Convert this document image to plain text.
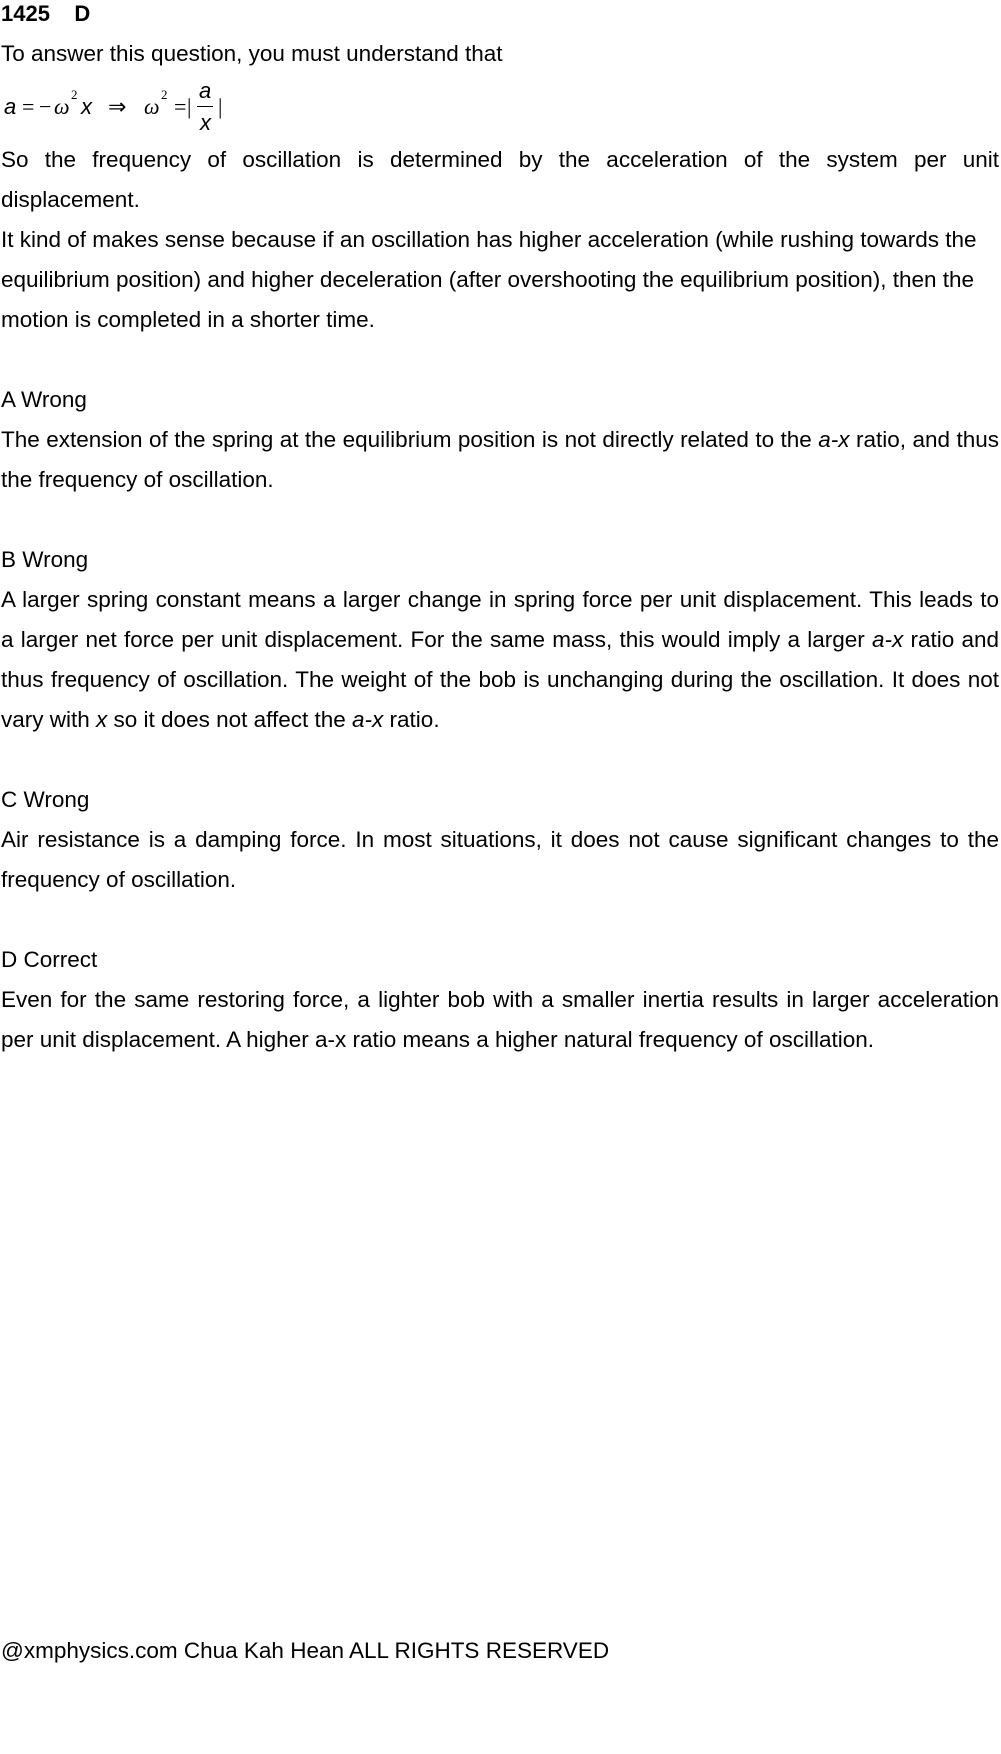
1425 D

To answer this question, you must understand that

a = − ω 2 x ⇒ ω 2 = |
a
x
|

So the frequency of oscillation is determined by the acceleration of the system per unit displacement.

It kind of makes sense because if an oscillation has higher acceleration (while rushing towards the

equilibrium position) and higher deceleration (after overshooting the equilibrium position), then the

motion is completed in a shorter time.

A Wrong

The extension of the spring at the equilibrium position is not directly related to the a-x ratio, and thus the frequency of oscillation.

B Wrong

A larger spring constant means a larger change in spring force per unit displacement. This leads to a larger net force per unit displacement. For the same mass, this would imply a larger a-x ratio and thus frequency of oscillation. The weight of the bob is unchanging during the oscillation. It does not vary with x so it does not affect the a-x ratio.

C Wrong

Air resistance is a damping force. In most situations, it does not cause significant changes to the frequency of oscillation.

D Correct

Even for the same restoring force, a lighter bob with a smaller inertia results in larger acceleration per unit displacement. A higher a-x ratio means a higher natural frequency of oscillation.

@xmphysics.com Chua Kah Hean ALL RIGHTS RESERVED
